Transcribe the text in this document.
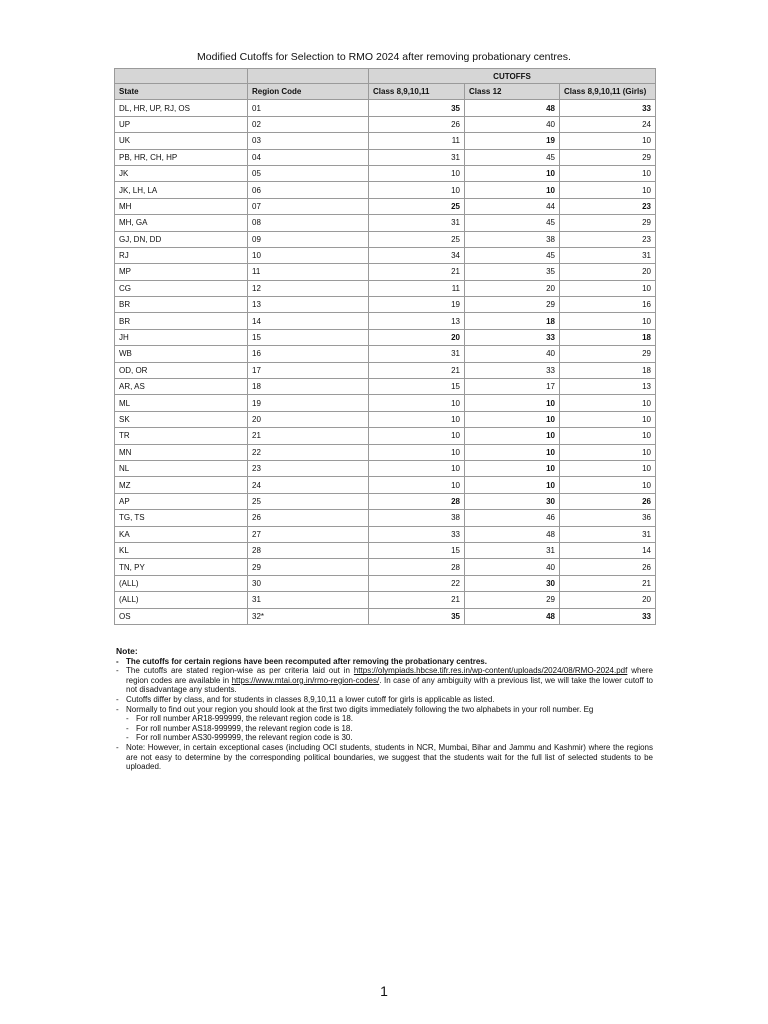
Modified Cutoffs for Selection to RMO 2024 after removing probationary centres.
		CUTOFFS		
State	Region Code	Class 8,9,10,11	Class 12	Class 8,9,10,11 (Girls)
DL, HR, UP, RJ, OS	01	35	48	33
UP	02	26	40	24
UK	03	11	19	10
PB, HR, CH, HP	04	31	45	29
JK	05	10	10	10
JK, LH, LA	06	10	10	10
MH	07	25	44	23
MH, GA	08	31	45	29
GJ, DN, DD	09	25	38	23
RJ	10	34	45	31
MP	11	21	35	20
CG	12	11	20	10
BR	13	19	29	16
BR	14	13	18	10
JH	15	20	33	18
WB	16	31	40	29
OD, OR	17	21	33	18
AR, AS	18	15	17	13
ML	19	10	10	10
SK	20	10	10	10
TR	21	10	10	10
MN	22	10	10	10
NL	23	10	10	10
MZ	24	10	10	10
AP	25	28	30	26
TG, TS	26	38	46	36
KA	27	33	48	31
KL	28	15	31	14
TN, PY	29	28	40	26
(ALL)	30	22	30	21
(ALL)	31	21	29	20
OS	32*	35	48	33
Note:
- The cutoffs for certain regions have been recomputed after removing the probationary centres.
- The cutoffs are stated region-wise as per criteria laid out in https://olympiads.hbcse.tifr.res.in/wp-content/uploads/2024/08/RMO-2024.pdf where region codes are available in https://www.mtai.org.in/rmo-region-codes/. In case of any ambiguity with a previous list, we will take the lower cutoff to not disadvantage any students.
- Cutoffs differ by class, and for students in classes 8,9,10,11 a lower cutoff for girls is applicable as listed.
- Normally to find out your region you should look at the first two digits immediately following the two alphabets in your roll number. Eg
- For roll number AR18-999999, the relevant region code is 18.
- For roll number AS18-999999, the relevant region code is 18.
- For roll number AS30-999999, the relevant region code is 30.
- Note: However, in certain exceptional cases (including OCI students, students in NCR, Mumbai, Bihar and Jammu and Kashmir) where the regions are not easy to determine by the corresponding political boundaries, we suggest that the students wait for the full list of selected students to be uploaded.
1
